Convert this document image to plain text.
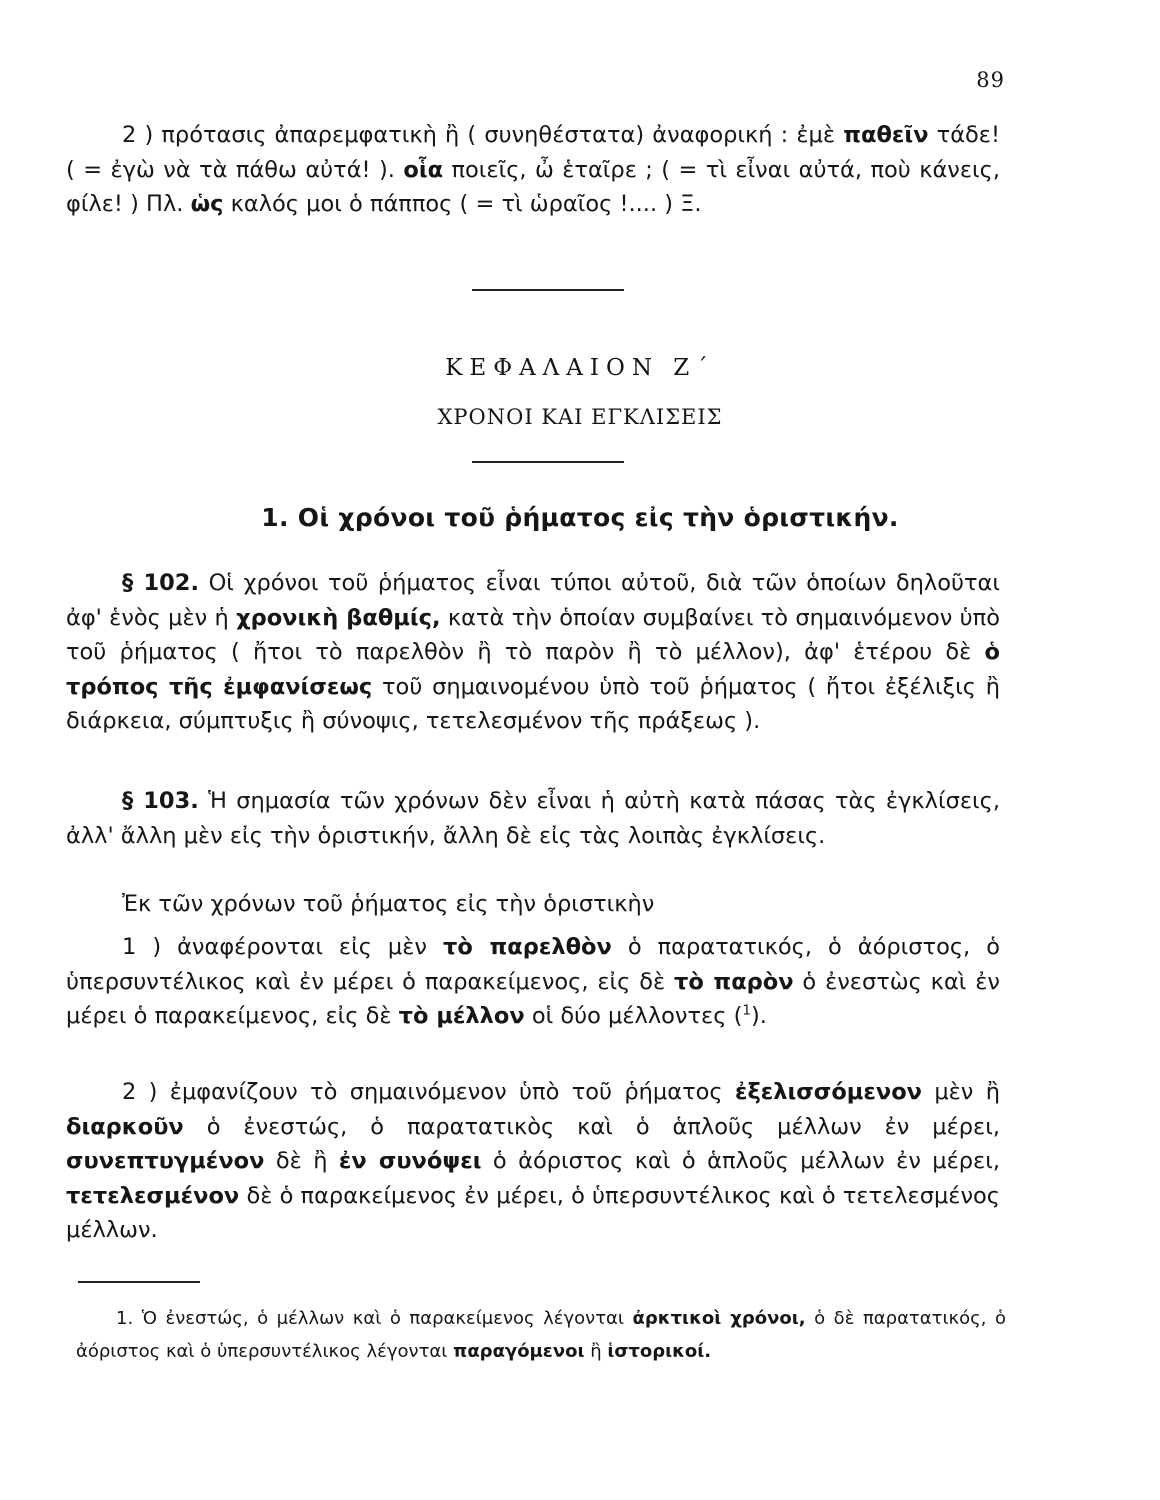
89

2 ) πρότασις ἀπαρεμφατικὴ ἢ ( συνηθέστατα) ἀναφορική : ἐμὲ παθεῖν τάδε! ( = ἐγὼ νὰ τὰ πάθω αὐτά! ). οἷα ποιεῖς, ὦ ἑταῖρε ; ( = τὶ εἶναι αὐτά, ποὺ κάνεις, φίλε! ) Πλ. ὡς καλός μοι ὁ πάππος ( = τὶ ὡραῖος !.... ) Ξ.

ΚΕΦΑΛΑΙΟΝ Ζ΄
ΧΡΟΝΟΙ ΚΑΙ ΕΓΚΛΙΣΕΙΣ
1. Οἱ χρόνοι τοῦ ῥήματος εἰς τὴν ὁριστικήν.

§ 102. Οἱ χρόνοι τοῦ ῥήματος εἶναι τύποι αὐτοῦ, διὰ τῶν ὁποίων δηλοῦται ἀφ' ἑνὸς μὲν ἡ χρονικὴ βαθμίς, κατὰ τὴν ὁποίαν συμβαίνει τὸ σημαινόμενον ὑπὸ τοῦ ῥήματος ( ἤτοι τὸ παρελθὸν ἢ τὸ παρὸν ἢ τὸ μέλλον), ἀφ' ἑτέρου δὲ ὁ τρόπος τῆς ἐμφανίσεως τοῦ σημαινομένου ὑπὸ τοῦ ῥήματος ( ἤτοι ἐξέλιξις ἢ διάρκεια, σύμπτυξις ἢ σύνοψις, τετελεσμένον τῆς πράξεως ).

§ 103. Ἡ σημασία τῶν χρόνων δὲν εἶναι ἡ αὐτὴ κατὰ πάσας τὰς ἐγκλίσεις, ἀλλ' ἄλλη μὲν εἰς τὴν ὁριστικήν, ἄλλη δὲ εἰς τὰς λοιπὰς ἐγκλίσεις.

Ἐκ τῶν χρόνων τοῦ ῥήματος εἰς τὴν ὁριστικὴν

1 ) ἀναφέρονται εἰς μὲν τὸ παρελθὸν ὁ παρατατικός, ὁ ἀόριστος, ὁ ὑπερσυντέλικος καὶ ἐν μέρει ὁ παρακείμενος, εἰς δὲ τὸ παρὸν ὁ ἐνεστὼς καὶ ἐν μέρει ὁ παρακείμενος, εἰς δὲ τὸ μέλλον οἱ δύο μέλλοντες ($^1$).

2 ) ἐμφανίζουν τὸ σημαινόμενον ὑπὸ τοῦ ῥήματος ἐξελισσόμενον μὲν ἢ διαρκοῦν ὁ ἐνεστώς, ὁ παρατατικὸς καὶ ὁ ἁπλοῦς μέλλων ἐν μέρει, συνεπτυγμένον δὲ ἢ ἐν συνόψει ὁ ἀόριστος καὶ ὁ ἁπλοῦς μέλλων ἐν μέρει, τετελεσμένον δὲ ὁ παρακείμενος ἐν μέρει, ὁ ὑπερσυντέλικος καὶ ὁ τετελεσμένος μέλλων.

1. Ὁ ἐνεστώς, ὁ μέλλων καὶ ὁ παρακείμενος λέγονται ἀρκτικοὶ χρόνοι, ὁ δὲ παρατατικός, ὁ ἀόριστος καὶ ὁ ὑπερσυντέλικος λέγονται παραγόμενοι ἢ ἱστορικοί.
